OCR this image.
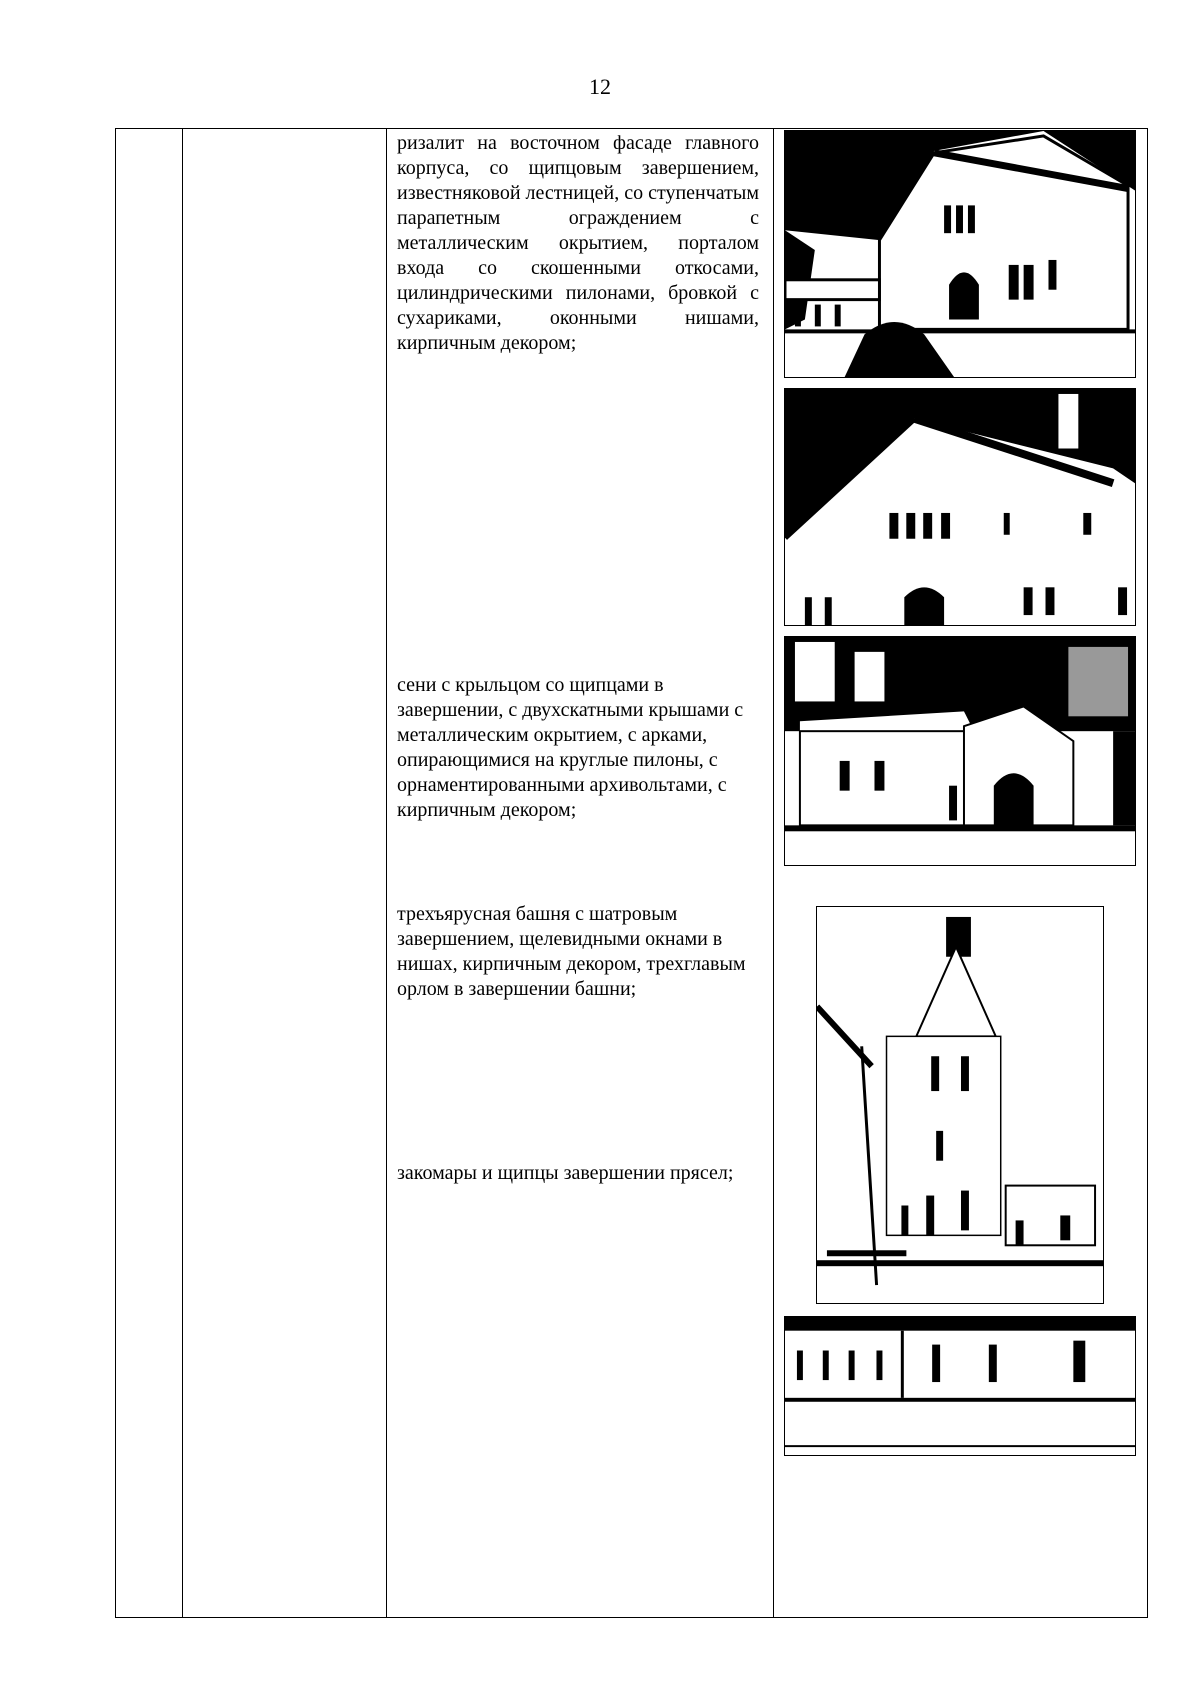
12
ризалит на восточном фасаде главного корпуса, со щипцовым завершением, известняковой лестницей, со ступенчатым парапетным ограждением с металлическим окрытием, порталом входа со скошенными откосами, цилиндрическими пилонами, бровкой с сухариками, оконными нишами, кирпичным декором;
сени с крыльцом со щипцами в завершении, с двухскатными крышами с металлическим окрытием, с арками, опирающимися на круглые пилоны, с орнаментированными архивольтами, с кирпичным декором;
трехъярусная башня с шатровым завершением, щелевидными окнами в нишах, кирпичным декором, трехглавым орлом в завершении башни;
закомары и щипцы завершении прясел;
